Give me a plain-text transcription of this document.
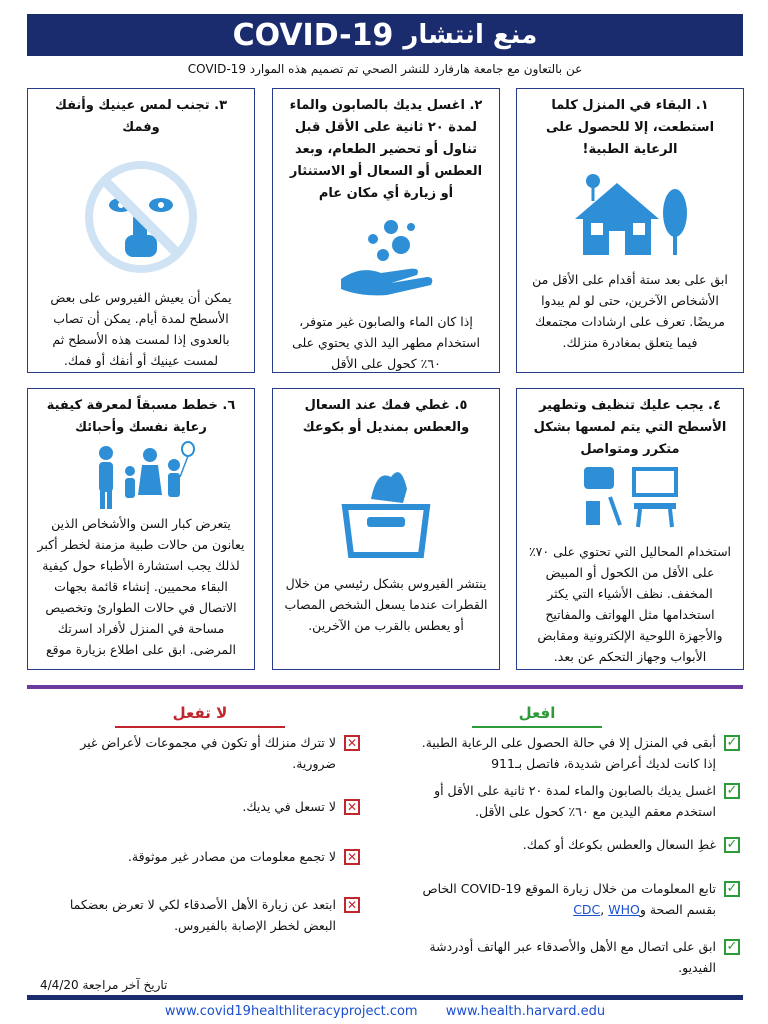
COVID-19 منع انتشار
عن بالتعاون مع جامعة هارفارد للنشر الصحي تم تصميم هذه الموارد COVID-19
١. البقاء في المنزل كلما استطعت، إلا للحصول على الرعاية الطبية!
ابق على بعد ستة أقدام على الأقل من الأشخاص الآخرين، حتى لو لم يبدوا مريضًا. تعرف على ارشادات مجتمعك فيما يتعلق بمغادرة منزلك.
٢. اغسل يديك بالصابون والماء لمدة ٢٠ ثانية على الأقل قبل تناول أو تحضير الطعام، وبعد العطس أو السعال أو الاستنثار أو زيارة أي مكان عام
إذا كان الماء والصابون غير متوفر، استخدام مطهر اليد الذي يحتوي على ٦٠٪ كحول على الأقل
٣. تجنب لمس عينيك وأنفك وفمك
يمكن أن يعيش الفيروس على بعض الأسطح لمدة أيام. يمكن أن تصاب بالعدوى إذا لمست هذه الأسطح ثم لمست عينيك أو أنفك أو فمك.
٤. يجب عليك تنظيف وتطهير الأسطح التي يتم لمسها بشكل متكرر ومتواصل
استخدام المحاليل التي تحتوي على ٧٠٪ على الأقل من الكحول أو المبيض المخفف. نظف الأشياء التي يكثر استخدامها مثل الهواتف والمفاتيح والأجهزة اللوحية الإلكترونية ومقابض الأبواب وجهاز التحكم عن بعد.
٥. غطي فمك عند السعال والعطس بمنديل أو بكوعك
ينتشر الفيروس بشكل رئيسي من خلال القطرات عندما يسعل الشخص المصاب أو يعطس بالقرب من الآخرين.
٦. خطط مسبقاً لمعرفة كيفية رعاية نفسك وأحبائك
يتعرض كبار السن والأشخاص الذين يعانون من حالات طبية مزمنة لخطر أكبر لذلك يجب استشارة الأطباء حول كيفية البقاء محميين. إنشاء قائمة بجهات الاتصال في حالات الطوارئ وتخصيص مساحة في المنزل لأفراد اسرتك المرضى. ابق على اطلاع بزيارة موقع
افعل
✓
أبقى في المنزل إلا في حالة الحصول على الرعاية الطبية. إذا كانت لديك أعراض شديدة، فاتصل بـ911
✓
اغسل يديك بالصابون والماء لمدة ٢٠ ثانية على الأقل أو استخدم معقم اليدين مع ٦٠٪ كحول على الأقل.
✓
غطِ السعال والعطس بكوعك أو كمك.
✓
تابع المعلومات من خلال زيارة الموقع COVID-19 الخاص بقسم الصحة وCDC, WHO
✓
ابق على اتصال مع الأهل والأصدقاء عبر الهاتف أودردشة الفيديو.
لا تفعل
✕
لا تترك منزلك أو تكون في مجموعات لأعراض غير ضرورية.
✕
لا تسعل في يديك.
✕
لا تجمع معلومات من مصادر غير موثوقة.
✕
ابتعد عن زيارة الأهل الأصدقاء لكي لا تعرض بعضكما البعض لخطر الإصابة بالفيروس.
تاريخ آخر مراجعة 4/4/20
www.covid19healthliteracyproject.com www.health.harvard.edu
